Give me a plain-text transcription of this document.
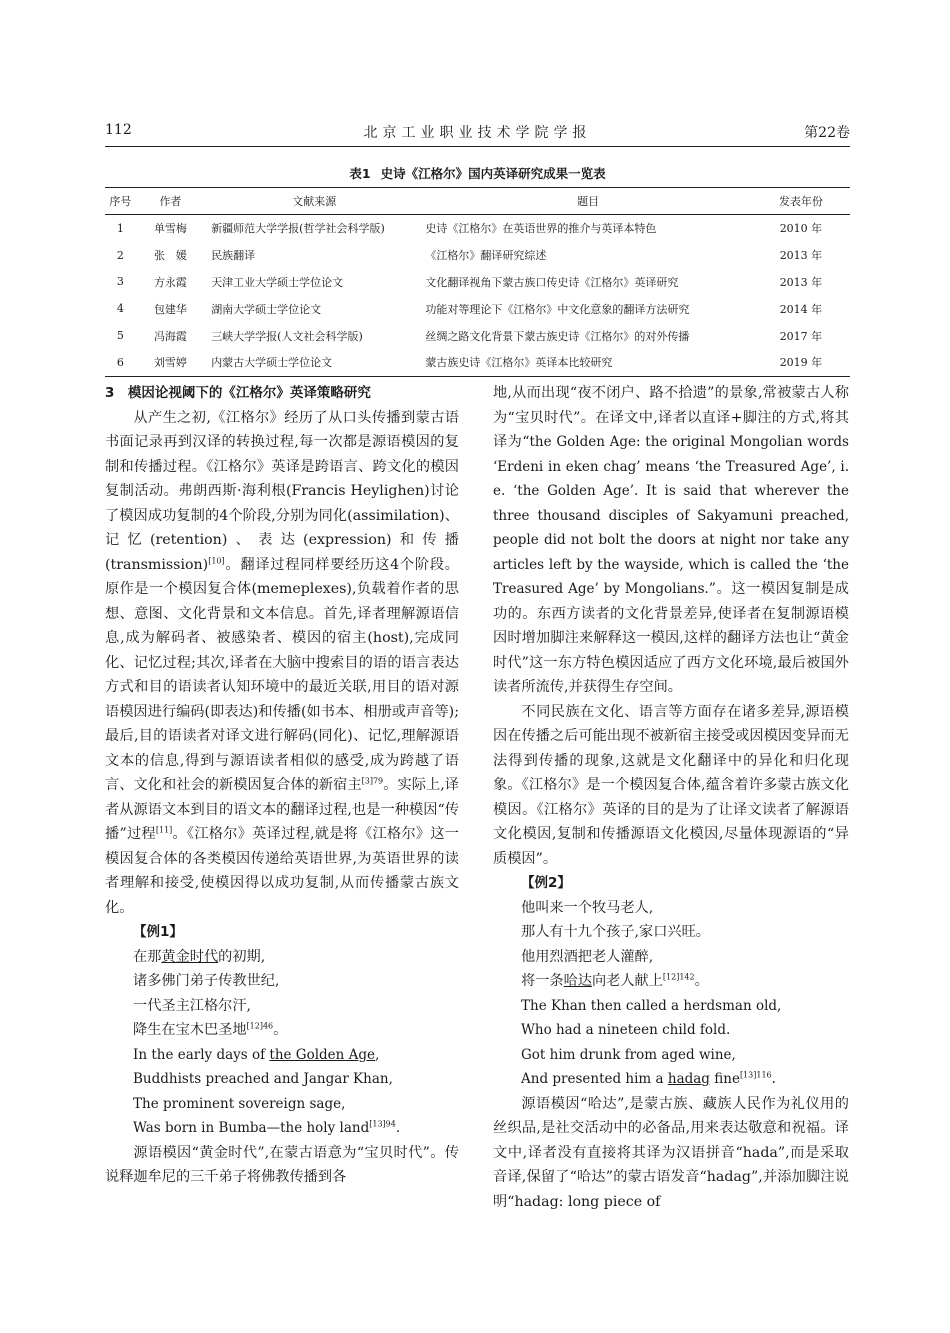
112	北京工业职业技术学院学报	第22卷
表1 史诗《江格尔》国内英译研究成果一览表
序号	作者	文献来源	题目	发表年份
1	单雪梅	新疆师范大学学报(哲学社会科学版)	史诗《江格尔》在英语世界的推介与英译本特色	2010 年
2	张　媛	民族翻译	《江格尔》翻译研究综述	2013 年
3	方永霞	天津工业大学硕士学位论文	文化翻译视角下蒙古族口传史诗《江格尔》英译研究	2013 年
4	包建华	湖南大学硕士学位论文	功能对等理论下《江格尔》中文化意象的翻译方法研究	2014 年
5	冯海霞	三峡大学学报(人文社会科学版)	丝绸之路文化背景下蒙古族史诗《江格尔》的对外传播	2017 年
6	刘雪婷	内蒙古大学硕士学位论文	蒙古族史诗《江格尔》英译本比较研究	2019 年

3　模因论视阈下的《江格尔》英译策略研究

从产生之初,《江格尔》经历了从口头传播到蒙古语书面记录再到汉译的转换过程,每一次都是源语模因的复制和传播过程。《江格尔》英译是跨语言、跨文化的模因复制活动。弗朗西斯·海利根(Francis Heylighen)讨论了模因成功复制的4个阶段,分别为同化(assimilation)、记忆(retention)、表达(expression)和传播(transmission)[10]。翻译过程同样要经历这4个阶段。原作是一个模因复合体(memeplexes),负载着作者的思想、意图、文化背景和文本信息。首先,译者理解源语信息,成为解码者、被感染者、模因的宿主(host),完成同化、记忆过程;其次,译者在大脑中搜索目的语的语言表达方式和目的语读者认知环境中的最近关联,用目的语对源语模因进行编码(即表达)和传播(如书本、相册或声音等);最后,目的语读者对译文进行解码(同化)、记忆,理解源语文本的信息,得到与源语读者相似的感受,成为跨越了语言、文化和社会的新模因复合体的新宿主$^{[3]79}$。实际上,译者从源语文本到目的语文本的翻译过程,也是一种模因“传播”过程[11]。《江格尔》英译过程,就是将《江格尔》这一模因复合体的各类模因传递给英语世界,为英语世界的读者理解和接受,使模因得以成功复制,从而传播蒙古族文化。

【例1】

在那黄金时代的初期,

诸多佛门弟子传教世纪,

一代圣主江格尔汗,

降生在宝木巴圣地$^{[12]46}$。

In the early days of the Golden Age,

Buddhists preached and Jangar Khan,

The prominent sovereign sage,

Was born in Bumba—the holy land$^{[13]94}$.

源语模因“黄金时代”,在蒙古语意为“宝贝时代”。传说释迦牟尼的三千弟子将佛教传播到各

地,从而出现“夜不闭户、路不拾遗”的景象,常被蒙古人称为“宝贝时代”。在译文中,译者以直译+脚注的方式,将其译为“the Golden Age: the original Mongolian words ‘Erdeni in eken chag’ means ‘the Treasured Age’, i. e. ‘the Golden Age’. It is said that wherever the three thousand disciples of Sakyamuni preached, people did not bolt the doors at night nor take any articles left by the wayside, which is called the ‘the Treasured Age’ by Mongolians.”。这一模因复制是成功的。东西方读者的文化背景差异,使译者在复制源语模因时增加脚注来解释这一模因,这样的翻译方法也让“黄金时代”这一东方特色模因适应了西方文化环境,最后被国外读者所流传,并获得生存空间。

不同民族在文化、语言等方面存在诸多差异,源语模因在传播之后可能出现不被新宿主接受或因模因变异而无法得到传播的现象,这就是文化翻译中的异化和归化现象。《江格尔》是一个模因复合体,蕴含着许多蒙古族文化模因。《江格尔》英译的目的是为了让译文读者了解源语文化模因,复制和传播源语文化模因,尽量体现源语的“异质模因”。

【例2】

他叫来一个牧马老人,

那人有十九个孩子,家口兴旺。

他用烈酒把老人灌醉,

将一条哈达向老人献上$^{[12]142}$。

The Khan then called a herdsman old,

Who had a nineteen child fold.

Got him drunk from aged wine,

And presented him a hadag fine$^{[13]116}$.

源语模因“哈达”,是蒙古族、藏族人民作为礼仪用的丝织品,是社交活动中的必备品,用来表达敬意和祝福。译文中,译者没有直接将其译为汉语拼音“hada”,而是采取音译,保留了“哈达”的蒙古语发音“hadag”,并添加脚注说明“hadag: long piece of
